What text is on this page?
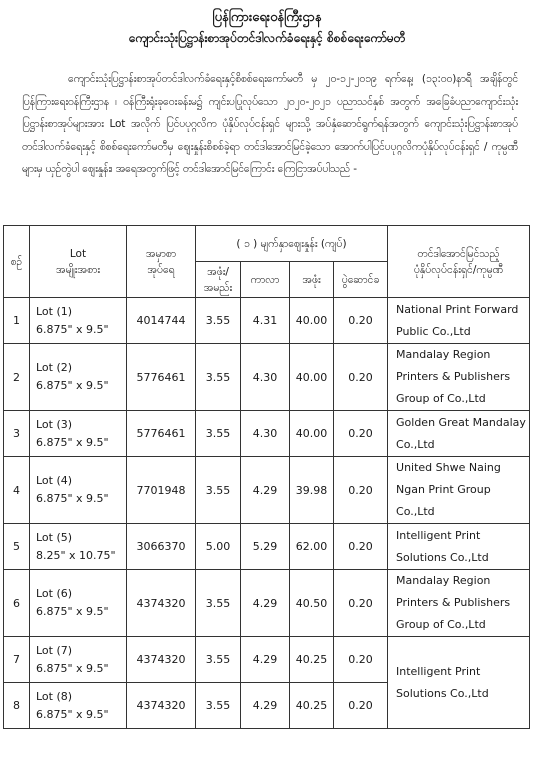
ပြန်ကြားရေးဝန်ကြီးဌာန
ကျောင်းသုံးပြဋ္ဌာန်းစာအုပ်တင်ဒါလက်ခံရေးနှင့် စိစစ်ရေးကော်မတီ

ကျောင်းသုံးပြဋ္ဌာန်းစာအုပ်တင်ဒါလက်ခံရေးနှင့်စိစစ်ရေးကော်မတီ မှ ၂၀-၁၂-၂၀၁၉ ရက်နေ့၊ (၁၃:၀၀)နာရီ အချိန်တွင် ပြန်ကြားရေးဝန်ကြီးဌာန ၊ ဝန်ကြီးရုံးခုဝေးခန်းမ၌ ကျင်းပပြုလုပ်သော ၂၀၂၀-၂၀၂၁ ပညာသင်နှစ် အတွက် အခြေခံပညာကျောင်းသုံးပြဋ္ဌာန်းစာအုပ်များအား Lot အလိုက် ပြင်ပပုဂ္ဂလိက ပုံနှိပ်လုပ်ငန်းရှင် များသို့ အပ်နှံဆောင်ရွက်ရန်အတွက် ကျောင်းသုံးပြဋ္ဌာန်းစာအုပ်တင်ဒါလက်ခံရေးနှင့် စိစစ်ရေးကော်မတီမှ ဈေးနှုန်းစိစစ်ခဲ့ရာ တင်ဒါအောင်မြင်ခဲ့သော အောက်ပါပြင်ပပုဂ္ဂလိကပုံနှိပ်လုပ်ငန်းရှင် / ကုမ္ပဏီများမှ ယှဉ်တွဲပါ ဈေးနှုန်း၊ အရေအတွက်ဖြင့် တင်ဒါအောင်မြင်ကြောင်း ကြေငြာအပ်ပါသည် -

စဉ်	Lot
အမျိုးအစား	အမှာစာ
အုပ်ရေ	( ၁ ) မျက်နှာဈေးနှုန်း (ကျပ်)				တင်ဒါအောင်မြင်သည့်
ပုံနှိပ်လုပ်ငန်းရှင်/ကုမ္ပဏီ
			အဖုံး/
အမည်း	ကာလာ	အဖုံး	ပွဲဆောင်ခ	
1	Lot (1)
6.875" x 9.5"	4014744	3.55	4.31	40.00	0.20	National Print Forward Public Co.,Ltd
2	Lot (2)
6.875" x 9.5"	5776461	3.55	4.30	40.00	0.20	Mandalay Region Printers & Publishers Group of Co.,Ltd
3	Lot (3)
6.875" x 9.5"	5776461	3.55	4.30	40.00	0.20	Golden Great Mandalay Co.,Ltd
4	Lot (4)
6.875" x 9.5"	7701948	3.55	4.29	39.98	0.20	United Shwe Naing Ngan Print Group Co.,Ltd
5	Lot (5)
8.25" x 10.75"	3066370	5.00	5.29	62.00	0.20	Intelligent Print Solutions Co.,Ltd
6	Lot (6)
6.875" x 9.5"	4374320	3.55	4.29	40.50	0.20	Mandalay Region Printers & Publishers Group of Co.,Ltd
7	Lot (7)
6.875" x 9.5"	4374320	3.55	4.29	40.25	0.20	Intelligent Print Solutions Co.,Ltd
8	Lot (8)
6.875" x 9.5"	4374320	3.55	4.29	40.25	0.20	
